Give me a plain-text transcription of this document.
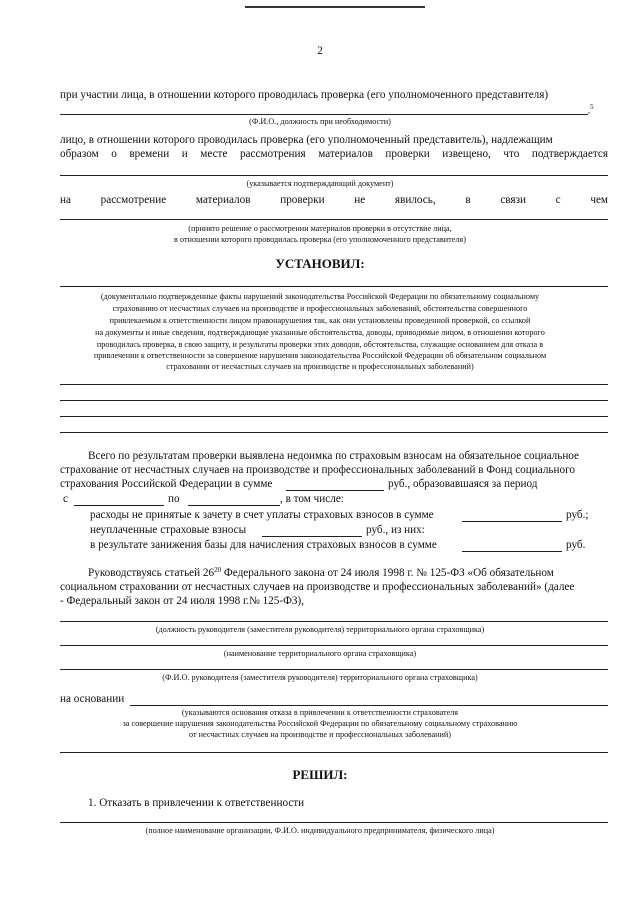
2
при участии лица, в отношении которого проводилась проверка (его уполномоченного представителя)
,5
(Ф.И.О., должность при необходимости)
лицо, в отношении которого проводилась проверка (его уполномоченный представитель), надлежащим
образом о времени и месте рассмотрения материалов проверки извещено, что подтверждается
(указывается подтверждающий документ)
на	рассмотрение	материалов	проверки	не	явилось,	в	связи	с	чем
(принято решение о рассмотрении материалов проверки в отсутствие лица,
в отношении которого проводилась проверка (его уполномоченного представителя)
УСТАНОВИЛ:
(документально подтвержденные факты нарушений законодательства Российской Федерации по обязательному социальному
страхованию от несчастных случаев на производстве и профессиональных заболеваний, обстоятельства совершенного
привлекаемым к ответственности лицом правонарушения так, как они установлены проведенной проверкой, со ссылкой
на документы и иные сведения, подтверждающие указанные обстоятельства, доводы, приводимые лицом, в отношении которого
проводилась проверка, в свою защиту, и результаты проверки этих доводов, обстоятельства, служащие основанием для отказа в
привлечении к ответственности за совершение нарушения законодательства Российской Федерации об обязательном социальном
страховании от несчастных случаев на производстве и профессиональных заболеваний)
Всего по результатам проверки выявлена недоимка по страховым взносам на обязательное социальное
страхование от несчастных случаев на производстве и профессиональных заболеваний в Фонд социального
страхования Российской Федерации в сумме	руб., образовавшаяся за период
с	по	, в том числе:
расходы не принятые к зачету в счет уплаты страховых взносов в сумме	руб.;
неуплаченные страховые взносы	руб., из них:
в результате занижения базы для начисления страховых взносов в сумме	руб.
Руководствуясь статьей $26^{20}$ Федерального закона от 24 июля 1998 г. № 125-ФЗ «Об обязательном
социальном страховании от несчастных случаев на производстве и профессиональных заболеваний» (далее
- Федеральный закон от 24 июля 1998 г.№ 125-ФЗ),
(должность руководителя (заместителя руководителя) территориального органа страховщика)
(наименование территориального органа страховщика)
(Ф.И.О. руководителя (заместителя руководителя) территориального органа страховщика)
на основании
(указываются основания отказа в привлечении к ответственности страхователя
за совершение нарушения законодательства Российской Федерации по обязательному социальному страхованию
от несчастных случаев на производстве и профессиональных заболеваний)
РЕШИЛ:
1. Отказать в привлечении к ответственности
(полное наименование организации, Ф.И.О. индивидуального предпринимателя, физического лица)
